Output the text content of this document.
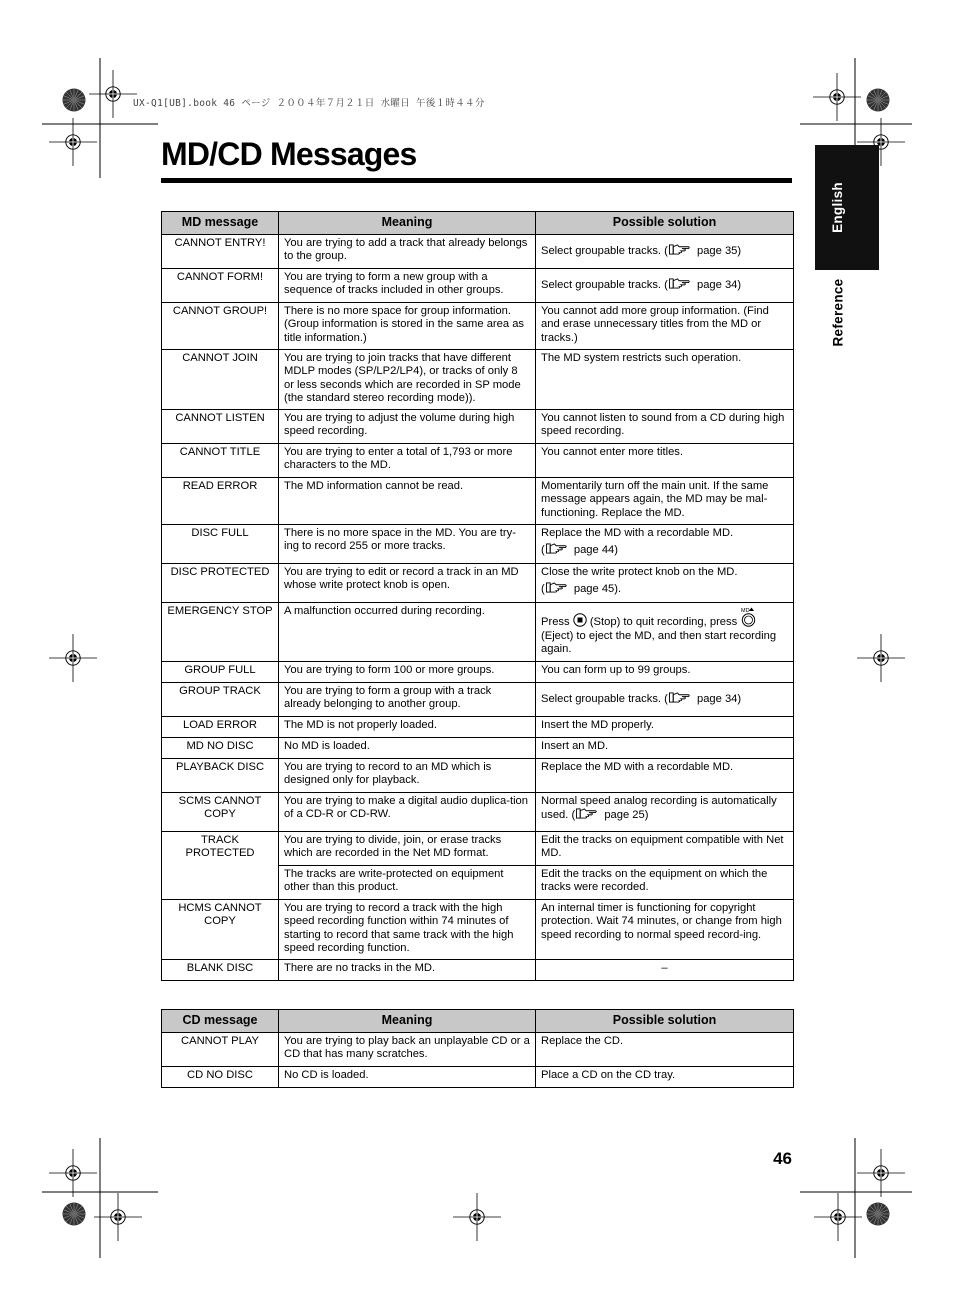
UX-Q1[UB].book 46 ページ ２００４年７月２１日 水曜日 午後１時４４分
MD/CD Messages
English
Reference
MD message	Meaning	Possible solution
CANNOT ENTRY!	You are trying to add a track that already belongs to the group.	Select groupable tracks. ( page 35)
CANNOT FORM!	You are trying to form a new group with a sequence of tracks included in other groups.	Select groupable tracks. ( page 34)
CANNOT GROUP!	There is no more space for group information. (Group information is stored in the same area as title information.)	You cannot add more group information. (Find and erase unnecessary titles from the MD or tracks.)
CANNOT JOIN	You are trying to join tracks that have different MDLP modes (SP/LP2/LP4), or tracks of only 8 or less seconds which are recorded in SP mode (the standard stereo recording mode)).	The MD system restricts such operation.
CANNOT LISTEN	You are trying to adjust the volume during high speed recording.	You cannot listen to sound from a CD during high speed recording.
CANNOT TITLE	You are trying to enter a total of 1,793 or more characters to the MD.	You cannot enter more titles.
READ ERROR	The MD information cannot be read.	Momentarily turn off the main unit. If the same message appears again, the MD may be mal-functioning. Replace the MD.
DISC FULL	There is no more space in the MD. You are try-ing to record 255 or more tracks.	Replace the MD with a recordable MD.
( page 44)

DISC PROTECTED	You are trying to edit or record a track in an MD whose write protect knob is open.	Close the write protect knob on the MD.
( page 45).

EMERGENCY STOP	A malfunction occurred during recording.	Press (Stop) to quit recording, press
MD
(Eject) to eject the MD, and then start recording again.
GROUP FULL	You are trying to form 100 or more groups.	You can form up to 99 groups.
GROUP TRACK	You are trying to form a group with a track already belonging to another group.	Select groupable tracks. ( page 34)
LOAD ERROR	The MD is not properly loaded.	Insert the MD properly.
MD NO DISC	No MD is loaded.	Insert an MD.
PLAYBACK DISC	You are trying to record to an MD which is designed only for playback.	Replace the MD with a recordable MD.
SCMS CANNOT COPY	You are trying to make a digital audio duplica-tion of a CD-R or CD-RW.	Normal speed analog recording is automatically used. ( page 25)
TRACK PROTECTED	You are trying to divide, join, or erase tracks which are recorded in the Net MD format.	Edit the tracks on equipment compatible with Net MD.
	The tracks are write-protected on equipment other than this product.	Edit the tracks on the equipment on which the tracks were recorded.
HCMS CANNOT COPY	You are trying to record a track with the high speed recording function within 74 minutes of starting to record that same track with the high speed recording function.	An internal timer is functioning for copyright protection. Wait 74 minutes, or change from high speed recording to normal speed record-ing.
BLANK DISC	There are no tracks in the MD.	–
CD message	Meaning	Possible solution
CANNOT PLAY	You are trying to play back an unplayable CD or a CD that has many scratches.	Replace the CD.
CD NO DISC	No CD is loaded.	Place a CD on the CD tray.
46
